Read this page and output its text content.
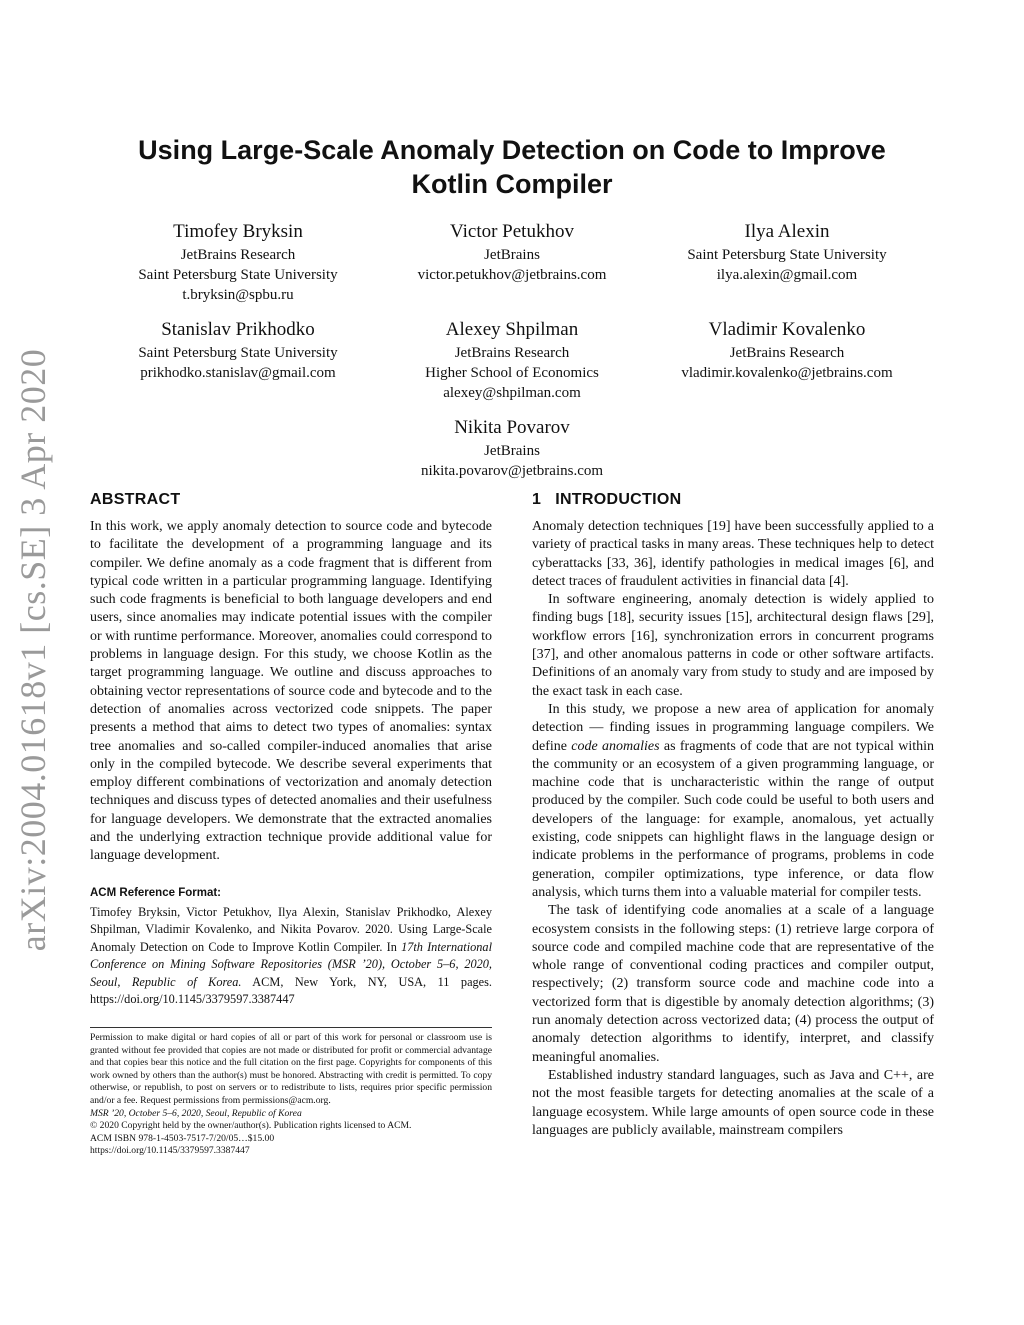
arXiv:2004.01618v1 [cs.SE] 3 Apr 2020
Using Large-Scale Anomaly Detection on Code to Improve
Kotlin Compiler
Timofey Bryksin
JetBrains Research
Saint Petersburg State University
t.bryksin@spbu.ru
Victor Petukhov
JetBrains
victor.petukhov@jetbrains.com
Ilya Alexin
Saint Petersburg State University
ilya.alexin@gmail.com
Stanislav Prikhodko
Saint Petersburg State University
prikhodko.stanislav@gmail.com
Alexey Shpilman
JetBrains Research
Higher School of Economics
alexey@shpilman.com
Vladimir Kovalenko
JetBrains Research
vladimir.kovalenko@jetbrains.com
Nikita Povarov
JetBrains
nikita.povarov@jetbrains.com
ABSTRACT

In this work, we apply anomaly detection to source code and bytecode to facilitate the development of a programming language and its compiler. We define anomaly as a code fragment that is different from typical code written in a particular programming language. Identifying such code fragments is beneficial to both language developers and end users, since anomalies may indicate potential issues with the compiler or with runtime performance. Moreover, anomalies could correspond to problems in language design. For this study, we choose Kotlin as the target programming language. We outline and discuss approaches to obtaining vector representations of source code and bytecode and to the detection of anomalies across vectorized code snippets. The paper presents a method that aims to detect two types of anomalies: syntax tree anomalies and so-called compiler-induced anomalies that arise only in the compiled bytecode. We describe several experiments that employ different combinations of vectorization and anomaly detection techniques and discuss types of detected anomalies and their usefulness for language developers. We demonstrate that the extracted anomalies and the underlying extraction technique provide additional value for language development.

ACM Reference Format:

Timofey Bryksin, Victor Petukhov, Ilya Alexin, Stanislav Prikhodko, Alexey Shpilman, Vladimir Kovalenko, and Nikita Povarov. 2020. Using Large-Scale Anomaly Detection on Code to Improve Kotlin Compiler. In 17th International Conference on Mining Software Repositories (MSR ’20), October 5–6, 2020, Seoul, Republic of Korea. ACM, New York, NY, USA, 11 pages. https://doi.org/10.1145/3379597.3387447

Permission to make digital or hard copies of all or part of this work for personal or classroom use is granted without fee provided that copies are not made or distributed for profit or commercial advantage and that copies bear this notice and the full citation on the first page. Copyrights for components of this work owned by others than the author(s) must be honored. Abstracting with credit is permitted. To copy otherwise, or republish, to post on servers or to redistribute to lists, requires prior specific permission and/or a fee. Request permissions from permissions@acm.org.

MSR ’20, October 5–6, 2020, Seoul, Republic of Korea

© 2020 Copyright held by the owner/author(s). Publication rights licensed to ACM.

ACM ISBN 978-1-4503-7517-7/20/05…$15.00

https://doi.org/10.1145/3379597.3387447

1 INTRODUCTION

Anomaly detection techniques [19] have been successfully applied to a variety of practical tasks in many areas. These techniques help to detect cyberattacks [33, 36], identify pathologies in medical images [6], and detect traces of fraudulent activities in financial data [4].

In software engineering, anomaly detection is widely applied to finding bugs [18], security issues [15], architectural design flaws [29], workflow errors [16], synchronization errors in concurrent programs [37], and other anomalous patterns in code or other software artifacts. Definitions of an anomaly vary from study to study and are imposed by the exact task in each case.

In this study, we propose a new area of application for anomaly detection — finding issues in programming language compilers. We define code anomalies as fragments of code that are not typical within the community or an ecosystem of a given programming language, or machine code that is uncharacteristic within the range of output produced by the compiler. Such code could be useful to both users and developers of the language: for example, anomalous, yet actually existing, code snippets can highlight flaws in the language design or indicate problems in the performance of programs, problems in code generation, compiler optimizations, type inference, or data flow analysis, which turns them into a valuable material for compiler tests.

The task of identifying code anomalies at a scale of a language ecosystem consists in the following steps: (1) retrieve large corpora of source code and compiled machine code that are representative of the whole range of conventional coding practices and compiler output, respectively; (2) transform source code and machine code into a vectorized form that is digestible by anomaly detection algorithms; (3) run anomaly detection across vectorized data; (4) process the output of anomaly detection algorithms to identify, interpret, and classify meaningful anomalies.

Established industry standard languages, such as Java and C++, are not the most feasible targets for detecting anomalies at the scale of a language ecosystem. While large amounts of open source code in these languages are publicly available, mainstream compilers
